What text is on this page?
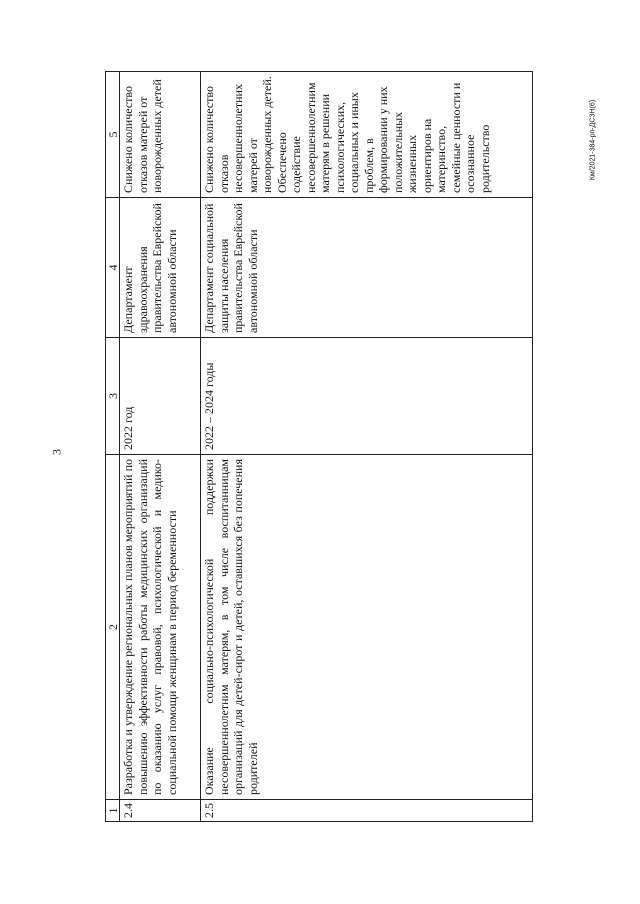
3
Км/2021-384-рп-ДСЗН(6)
1	2	3	4	5
2.4	Разработка и утверждение региональных планов мероприятий по повышению эффективности работы медицинских организаций по оказанию услуг правовой, психологической и медико-социальной помощи женщинам в период беременности	2022 год	Департамент здравоохранения правительства Еврейской автономной области	Снижено количество отказов матерей от новорожденных детей
2.5	Оказание социально-психологической поддержки несовершеннолетним матерям, в том числе воспитанницам организаций для детей-сирот и детей, оставшихся без попечения родителей	2022 – 2024 годы	Департамент социальной защиты населения правительства Еврейской автономной области	Снижено количество отказов несовершеннолетних матерей от новорожденных детей. Обеспечено содействие несовершеннолетним матерям в решении психологических, социальных и иных проблем, в формировании у них положительных жизненных ориентиров на материнство, семейные ценности и осознанное родительство
